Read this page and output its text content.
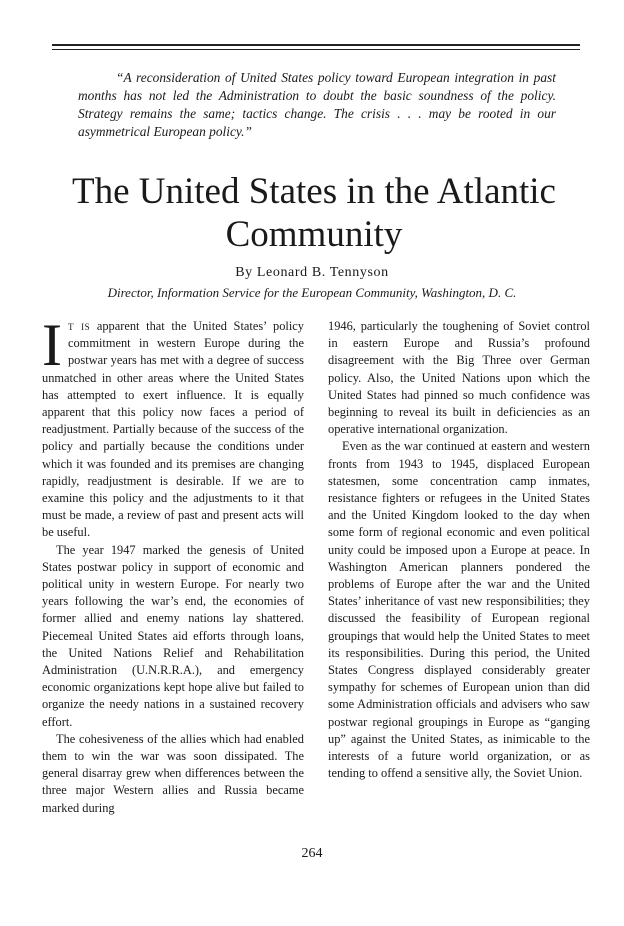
“A reconsideration of United States policy toward European integration in past months has not led the Administration to doubt the basic soundness of the policy. Strategy remains the same; tactics change. The crisis . . . may be rooted in our asymmetrical European policy.”

The United States in the Atlantic Community

By Leonard B. Tennyson

Director, Information Service for the European Community, Washington, D. C.

It is apparent that the United States’ policy commitment in western Europe during the postwar years has met with a degree of success unmatched in other areas where the United States has attempted to exert influence. It is equally apparent that this policy now faces a period of readjustment. Partially because of the success of the policy and partially because the conditions under which it was founded and its premises are changing rapidly, readjustment is desirable. If we are to examine this policy and the adjustments to it that must be made, a review of past and present acts will be useful.

The year 1947 marked the genesis of United States postwar policy in support of economic and political unity in western Europe. For nearly two years following the war’s end, the economies of former allied and enemy nations lay shattered. Piecemeal United States aid efforts through loans, the United Nations Relief and Rehabilitation Administration (U.N.R.R.A.), and emergency economic organizations kept hope alive but failed to organize the needy nations in a sustained recovery effort.

The cohesiveness of the allies which had enabled them to win the war was soon dissipated. The general disarray grew when differences between the three major Western allies and Russia became marked during

1946, particularly the toughening of Soviet control in eastern Europe and Russia’s profound disagreement with the Big Three over German policy. Also, the United Nations upon which the United States had pinned so much confidence was beginning to reveal its built in deficiencies as an operative international organization.

Even as the war continued at eastern and western fronts from 1943 to 1945, displaced European statesmen, some concentration camp inmates, resistance fighters or refugees in the United States and the United Kingdom looked to the day when some form of regional economic and even political unity could be imposed upon a Europe at peace. In Washington American planners pondered the problems of Europe after the war and the United States’ inheritance of vast new responsibilities; they discussed the feasibility of European regional groupings that would help the United States to meet its responsibilities. During this period, the United States Congress displayed considerably greater sympathy for schemes of European union than did some Administration officials and advisers who saw postwar regional groupings in Europe as “ganging up” against the United States, as inimicable to the interests of a future world organization, or as tending to offend a sensitive ally, the Soviet Union.

264
